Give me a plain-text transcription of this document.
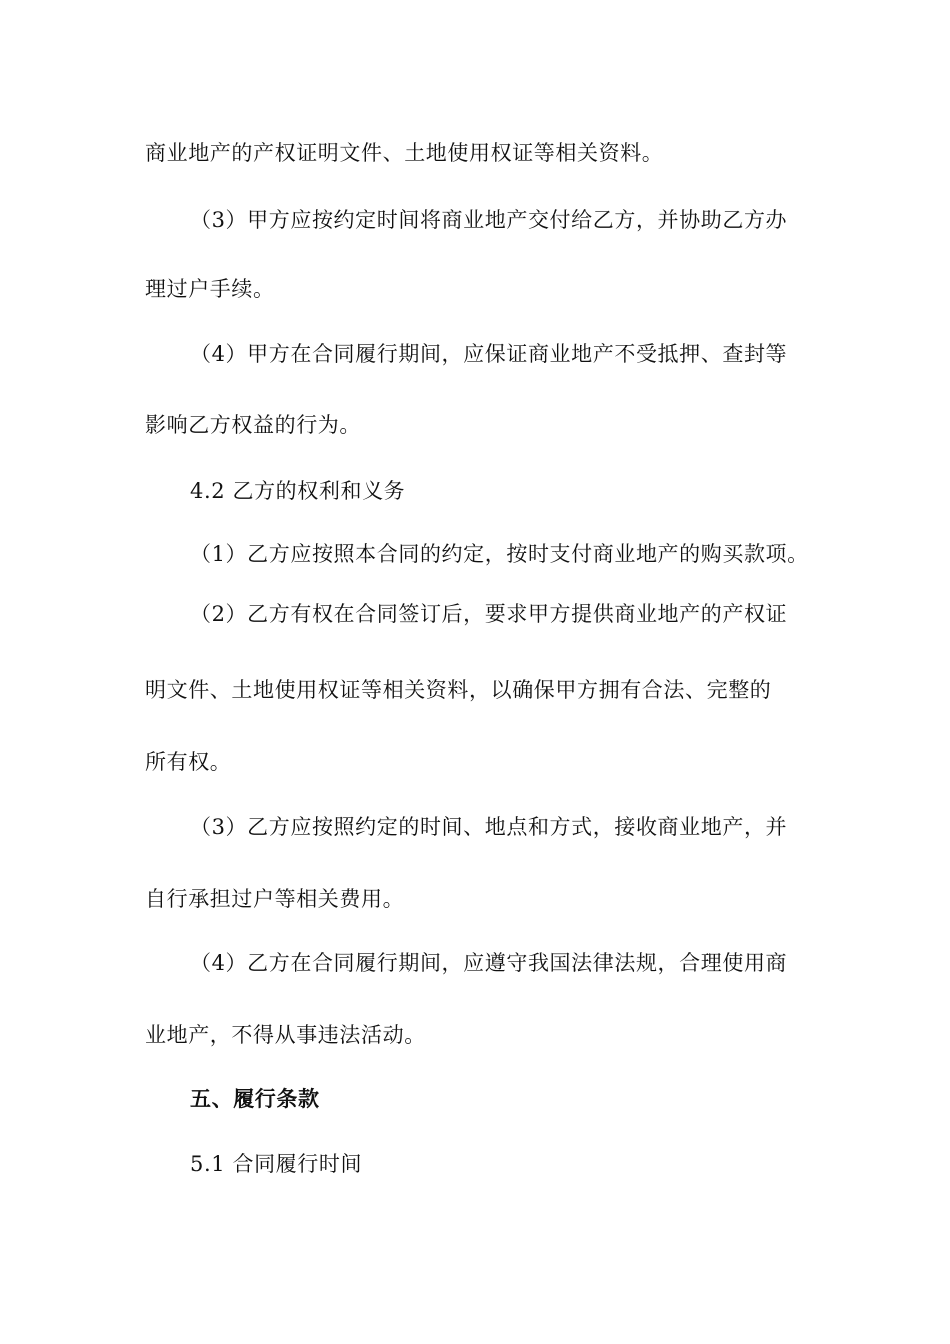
商业地产的产权证明文件、土地使用权证等相关资料。
（3）甲方应按约定时间将商业地产交付给乙方，并协助乙方办
理过户手续。
（4）甲方在合同履行期间，应保证商业地产不受抵押、查封等
影响乙方权益的行为。
4.2 乙方的权利和义务
（1）乙方应按照本合同的约定，按时支付商业地产的购买款项。
（2）乙方有权在合同签订后，要求甲方提供商业地产的产权证
明文件、土地使用权证等相关资料，以确保甲方拥有合法、完整的
所有权。
（3）乙方应按照约定的时间、地点和方式，接收商业地产，并
自行承担过户等相关费用。
（4）乙方在合同履行期间，应遵守我国法律法规，合理使用商
业地产，不得从事违法活动。
五、履行条款
5.1 合同履行时间
